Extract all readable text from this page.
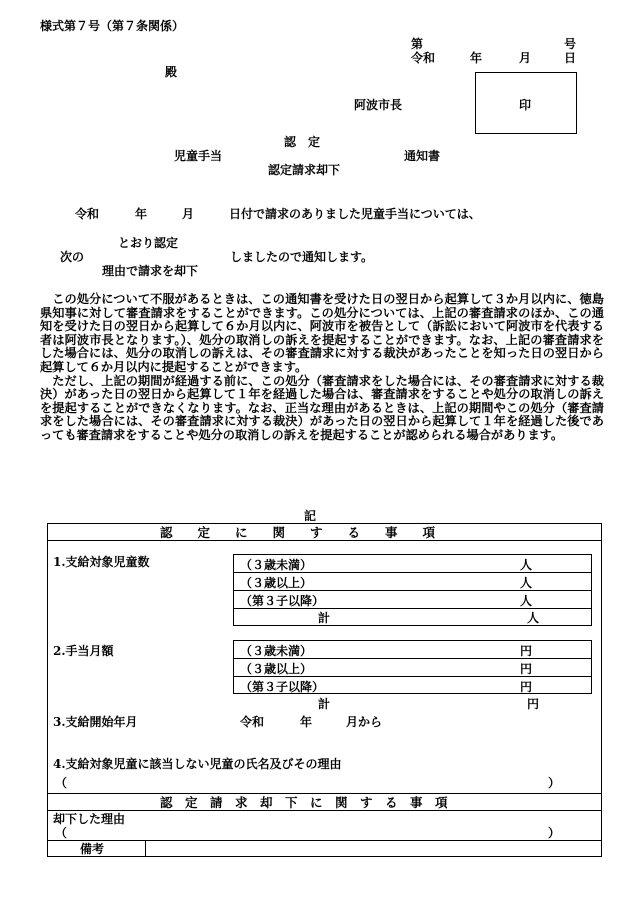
様式第７号（第７条関係）
第	号
令和	年	月	日
殿
阿波市長	印
認　定
児童手当	通知書
認定請求却下
令和	年	月	日付で請求のありました児童手当については、
とおり認定
次の	しましたので通知します。
理由で請求を却下

この処分について不服があるときは、この通知書を受けた日の翌日から起算して３か月以内に、徳島県知事に対して審査請求をすることができます。この処分については、上記の審査請求のほか、この通知を受けた日の翌日から起算して６か月以内に、阿波市を被告として（訴訟において阿波市を代表する者は阿波市長となります。）、処分の取消しの訴えを提起することができます。なお、上記の審査請求をした場合には、処分の取消しの訴えは、その審査請求に対する裁決があったことを知った日の翌日から起算して６か月以内に提起することができます。

ただし、上記の期間が経過する前に、この処分（審査請求をした場合には、その審査請求に対する裁決）があった日の翌日から起算して１年を経過した場合は、審査請求をすることや処分の取消しの訴えを提起することができなくなります。なお、正当な理由があるときは、上記の期間やこの処分（審査請求をした場合には、その審査請求に対する裁決）があった日の翌日から起算して１年を経過した後であっても審査請求をすることや処分の取消しの訴えを提起することが認められる場合があります。

記
認　　定　　に　　関　　す　　る　　事　　項
1.支給対象児童数	（３歳未満）	人
（３歳以上）	人
（第３子以降）	人
計	人
2.手当月額	（３歳未満）	円
（３歳以上）	円
（第３子以降）	円
計	円
3.支給開始年月	令和	年	月から
4.支給対象児童に該当しない児童の氏名及びその理由
（	）
認　定　請　求　却　下　に　関　す　る　事　項
却下した理由
（	）
備考
